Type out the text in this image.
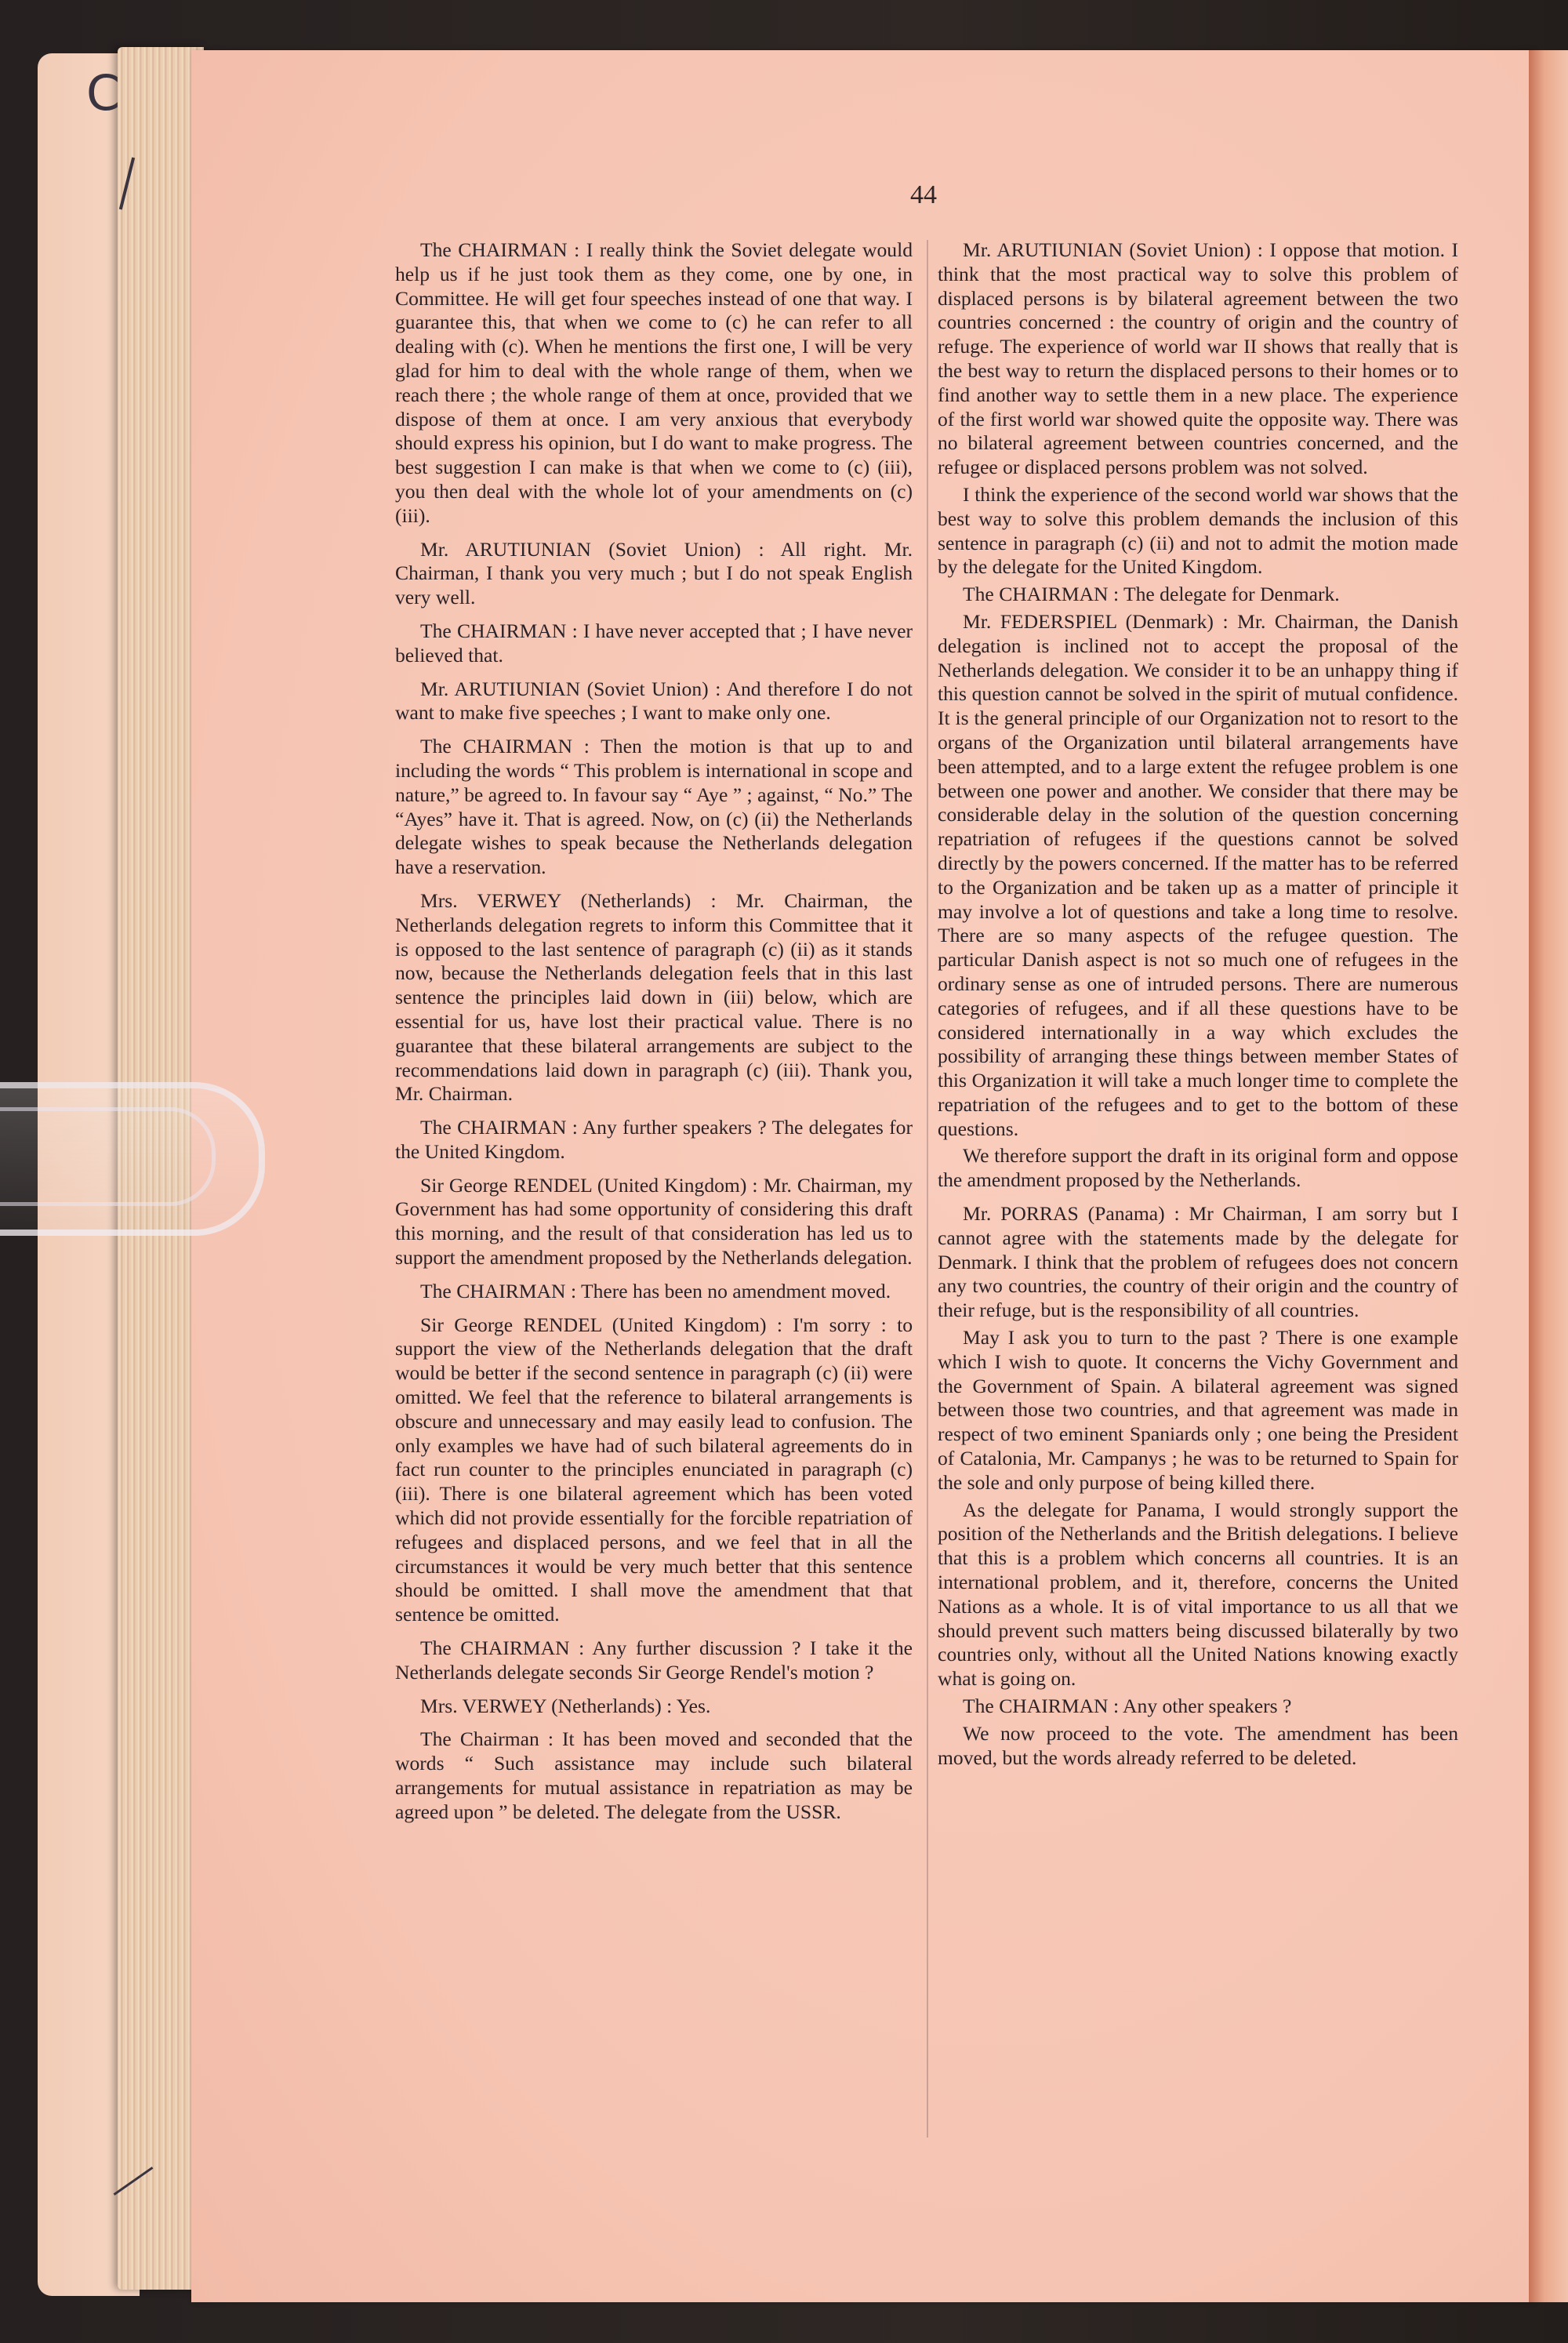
C
44

The CHAIRMAN : I really think the Soviet delegate would help us if he just took them as they come, one by one, in Committee. He will get four speeches instead of one that way. I guarantee this, that when we come to (c) he can refer to all dealing with (c). When he mentions the first one, I will be very glad for him to deal with the whole range of them, when we reach there ; the whole range of them at once, provided that we dispose of them at once. I am very anxious that everybody should express his opinion, but I do want to make progress. The best suggestion I can make is that when we come to (c) (iii), you then deal with the whole lot of your amendments on (c) (iii).

Mr. ARUTIUNIAN (Soviet Union) : All right. Mr. Chairman, I thank you very much ; but I do not speak English very well.

The CHAIRMAN : I have never accepted that ; I have never believed that.

Mr. ARUTIUNIAN (Soviet Union) : And therefore I do not want to make five speeches ; I want to make only one.

The CHAIRMAN : Then the motion is that up to and including the words “ This problem is international in scope and nature,” be agreed to. In favour say “ Aye ” ; against, “ No.” The “Ayes” have it. That is agreed. Now, on (c) (ii) the Netherlands delegate wishes to speak because the Netherlands delegation have a reservation.

Mrs. VERWEY (Netherlands) : Mr. Chairman, the Netherlands delegation regrets to inform this Committee that it is opposed to the last sentence of paragraph (c) (ii) as it stands now, because the Netherlands delegation feels that in this last sentence the principles laid down in (iii) below, which are essential for us, have lost their practical value. There is no guarantee that these bilateral arrangements are subject to the recommendations laid down in paragraph (c) (iii). Thank you, Mr. Chairman.

The CHAIRMAN : Any further speakers ? The delegates for the United Kingdom.

Sir George RENDEL (United Kingdom) : Mr. Chairman, my Government has had some opportunity of considering this draft this morning, and the result of that consideration has led us to support the amendment proposed by the Netherlands delegation.

The CHAIRMAN : There has been no amendment moved.

Sir George RENDEL (United Kingdom) : I'm sorry : to support the view of the Netherlands delegation that the draft would be better if the second sentence in paragraph (c) (ii) were omitted. We feel that the reference to bilateral arrangements is obscure and unnecessary and may easily lead to confusion. The only examples we have had of such bilateral agreements do in fact run counter to the principles enunciated in paragraph (c) (iii). There is one bilateral agreement which has been voted which did not provide essentially for the forcible repatriation of refugees and displaced persons, and we feel that in all the circumstances it would be very much better that this sentence should be omitted. I shall move the amendment that that sentence be omitted.

The CHAIRMAN : Any further discussion ? I take it the Netherlands delegate seconds Sir George Rendel's motion ?

Mrs. VERWEY (Netherlands) : Yes.

The Chairman : It has been moved and seconded that the words “ Such assistance may include such bilateral arrangements for mutual assistance in repatriation as may be agreed upon ” be deleted. The delegate from the USSR.

Mr. ARUTIUNIAN (Soviet Union) : I oppose that motion. I think that the most practical way to solve this problem of displaced persons is by bilateral agreement between the two countries concerned : the country of origin and the country of refuge. The experience of world war II shows that really that is the best way to return the displaced persons to their homes or to find another way to settle them in a new place. The experience of the first world war showed quite the opposite way. There was no bilateral agreement between countries concerned, and the refugee or displaced persons problem was not solved.

I think the experience of the second world war shows that the best way to solve this problem demands the inclusion of this sentence in paragraph (c) (ii) and not to admit the motion made by the delegate for the United Kingdom.

The CHAIRMAN : The delegate for Denmark.

Mr. FEDERSPIEL (Denmark) : Mr. Chairman, the Danish delegation is inclined not to accept the proposal of the Netherlands delegation. We consider it to be an unhappy thing if this question cannot be solved in the spirit of mutual confidence. It is the general principle of our Organization not to resort to the organs of the Organization until bilateral arrangements have been attempted, and to a large extent the refugee problem is one between one power and another. We consider that there may be considerable delay in the solution of the question concerning repatriation of refugees if the questions cannot be solved directly by the powers concerned. If the matter has to be referred to the Organization and be taken up as a matter of principle it may involve a lot of questions and take a long time to resolve. There are so many aspects of the refugee question. The particular Danish aspect is not so much one of refugees in the ordinary sense as one of intruded persons. There are numerous categories of refugees, and if all these questions have to be considered internationally in a way which excludes the possibility of arranging these things between member States of this Organization it will take a much longer time to complete the repatriation of the refugees and to get to the bottom of these questions.

We therefore support the draft in its original form and oppose the amendment proposed by the Netherlands.

Mr. PORRAS (Panama) : Mr Chairman, I am sorry but I cannot agree with the statements made by the delegate for Denmark. I think that the problem of refugees does not concern any two countries, the country of their origin and the country of their refuge, but is the responsibility of all countries.

May I ask you to turn to the past ? There is one example which I wish to quote. It concerns the Vichy Government and the Government of Spain. A bilateral agreement was signed between those two countries, and that agreement was made in respect of two eminent Spaniards only ; one being the President of Catalonia, Mr. Campanys ; he was to be returned to Spain for the sole and only purpose of being killed there.

As the delegate for Panama, I would strongly support the position of the Netherlands and the British delegations. I believe that this is a problem which concerns all countries. It is an international problem, and it, therefore, concerns the United Nations as a whole. It is of vital importance to us all that we should prevent such matters being discussed bilaterally by two countries only, without all the United Nations knowing exactly what is going on.

The CHAIRMAN : Any other speakers ?

We now proceed to the vote. The amendment has been moved, but the words already referred to be deleted.
